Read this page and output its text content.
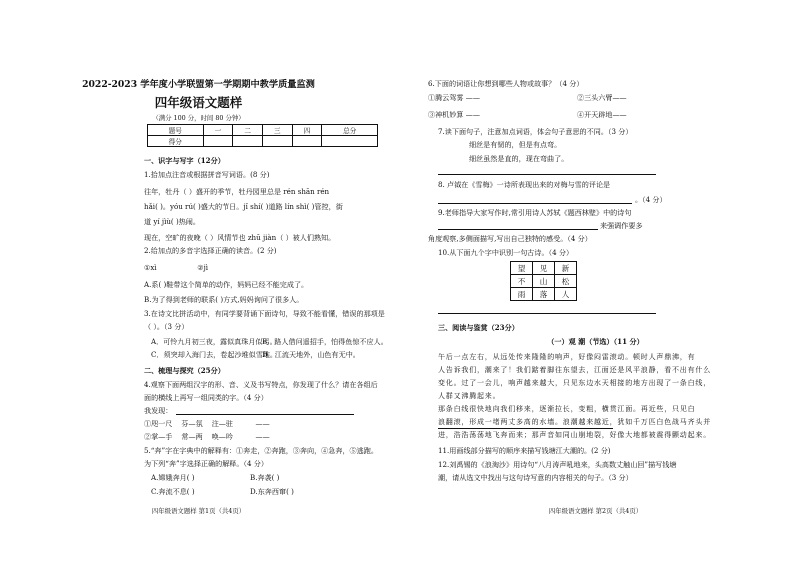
2022-2023 学年度小学联盟第一学期期中教学质量监测
四年级语文题样
（满分 100 分，时间 80 分钟）
题号	一	二	三	四	总分
得分					
一、识字与写字（12分）
1.拾加点注音或根据拼音写词语。(8 分)
往年，牡丹（ ）盛开的季节，牡丹园里总是 rén shān rén
hǎi( )。yóu rú( )盛大的节日。jǐ shí( )道路 lín shì( )管控，街
道 yí jìù( )热闹。
现在，空旷的夜晚（ ）风情节也 zhū jiàn（ ）被人们熟知。
2.给加点的多音字选择正确的读音。(2 分)
①xì                  ②jì
A.系( )鞋带这个简单的动作，妈妈已经不能完成了。
B.为了得到老师的联系( )方式,妈妈询问了很多人。
3.在诗文比拼活动中，有同学要背诵下面诗句，导致不能看懂，错误的那项是
（ ）。（3 分）
A．可怜九月初三夜，露似真珠月似弓。
B．路人借问遥招手，怕得鱼惊不应人。
C．须突却入海门去，卷起沙堆似雪堆。
D．江流天地外，山色有无中。
二、梳理与探究（25分）
4.观察下面两组汉字的形、音、义及书写特点，你发现了什么？请在各组后
面的横线上再写一组同类的字。（4 分）
我发现：
①咫一尺    芬—氛    注—驻          ——
②掌—手    常—两    唤—吟          ——
5.“奔”字在字典中的解释有：①奔走，②奔跑，③奔向，④急奔，⑤逃跑。
为下列“奔”字选择正确的解释。（4 分）
A.嫦娥奔月( )	B.奔袭( )
C.奔流不息( )	D.东奔西窜( )
四年级语文题样 第1页（共4页）
6.下面的词语让你想到哪些人物或故事？（4 分）
①腾云驾雾 ——	②三头六臂——
③神机妙算 ——	④开天辟地——
7.读下面句子，注意加点词语，体会句子意思的不同。（3 分）
细丝是有韧的，但是有点弯。
细丝虽然是直的，现在弯曲了。
8. 卢钺在《雪梅》一诗所表现出来的对梅与雪的评论是
。（4 分）
9.老师指导大家写作时,常引用诗人苏轼《题西林壁》中的诗句
来强调作要多
角度观察,多侧面描写,写出自己独特的感受。（4 分）
10.从下面九个字中识别一句古诗。（4 分）
望	见	新
不	山	松
雨	落	人
三、阅读与鉴赏（23分）
（一）观 潮（节选）（11 分）
午后一点左右，从远处传来隆隆的响声，好像闷雷滚动。顿时人声鼎沸，有
人告诉我们，潮来了！我们踮着脚往东望去，江面还是风平浪静，看不出有什么
变化。过了一会儿，响声越来越大，只见东边水天相接的地方出现了一条白线，
人群又沸腾起来。
那条白线很快地向我们移来，逐渐拉长，变粗，横贯江面。再近些，只见白
浪翻滚，形成一堵两丈多高的水墙。浪潮越来越近，犹如千万匹白色战马齐头并
进，浩浩荡荡地飞奔而来；那声音如同山崩地裂，好像大地都被震得颤动起来。
11.用画线部分描写的顺序来描写钱塘江大潮的。(2 分)
12.刘禹锡的《浪淘沙》用诗句“八月涛声吼地来，头高数丈触山回”描写钱塘
潮，请从选文中找出与这句诗写意的内容相关的句子。（3 分）
四年级语文题样 第2页（共4页）
